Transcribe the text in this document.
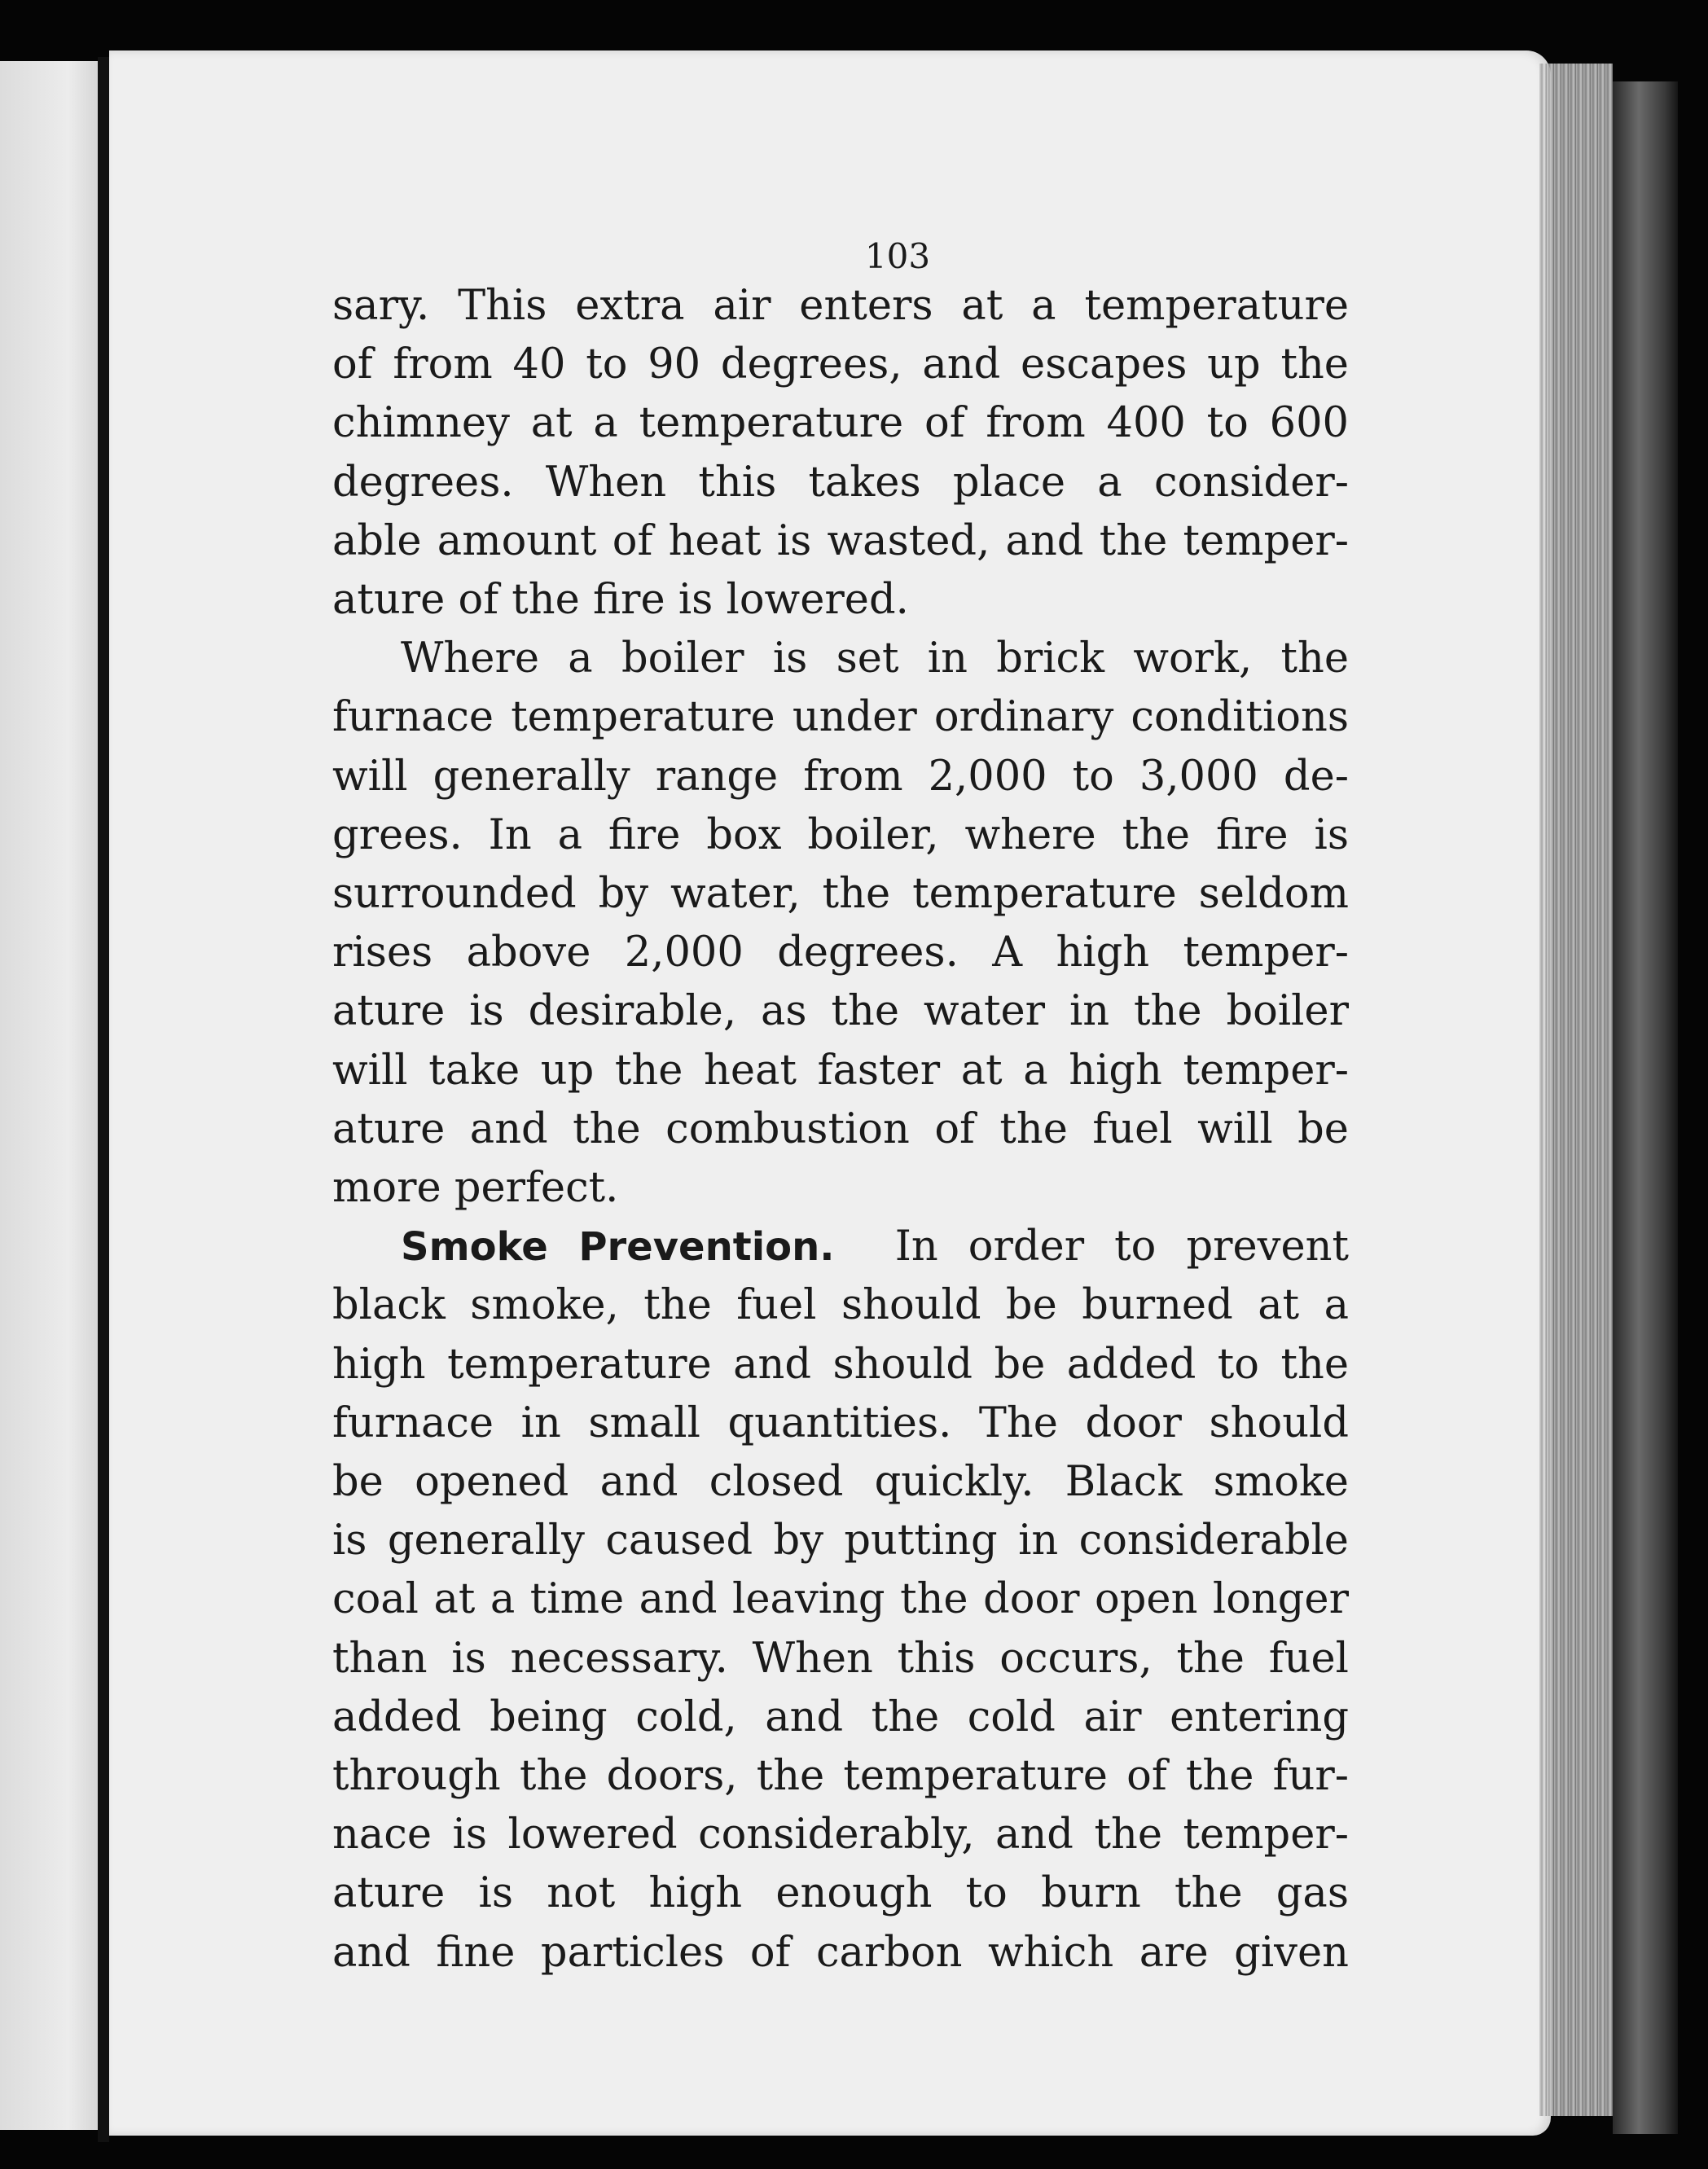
103
sary. This extra air enters at a temperature
of from 40 to 90 degrees, and escapes up the
chimney at a temperature of from 400 to 600
degrees. When this takes place a consider-
able amount of heat is wasted, and the temper-
ature of the fire is lowered.
Where a boiler is set in brick work, the
furnace temperature under ordinary conditions
will generally range from 2,000 to 3,000 de-
grees. In a fire box boiler, where the fire is
surrounded by water, the temperature seldom
rises above 2,000 degrees. A high temper-
ature is desirable, as the water in the boiler
will take up the heat faster at a high temper-
ature and the combustion of the fuel will be
more perfect.
Smoke Prevention. In order to prevent
black smoke, the fuel should be burned at a
high temperature and should be added to the
furnace in small quantities. The door should
be opened and closed quickly. Black smoke
is generally caused by putting in considerable
coal at a time and leaving the door open longer
than is necessary. When this occurs, the fuel
added being cold, and the cold air entering
through the doors, the temperature of the fur-
nace is lowered considerably, and the temper-
ature is not high enough to burn the gas
and fine particles of carbon which are given
